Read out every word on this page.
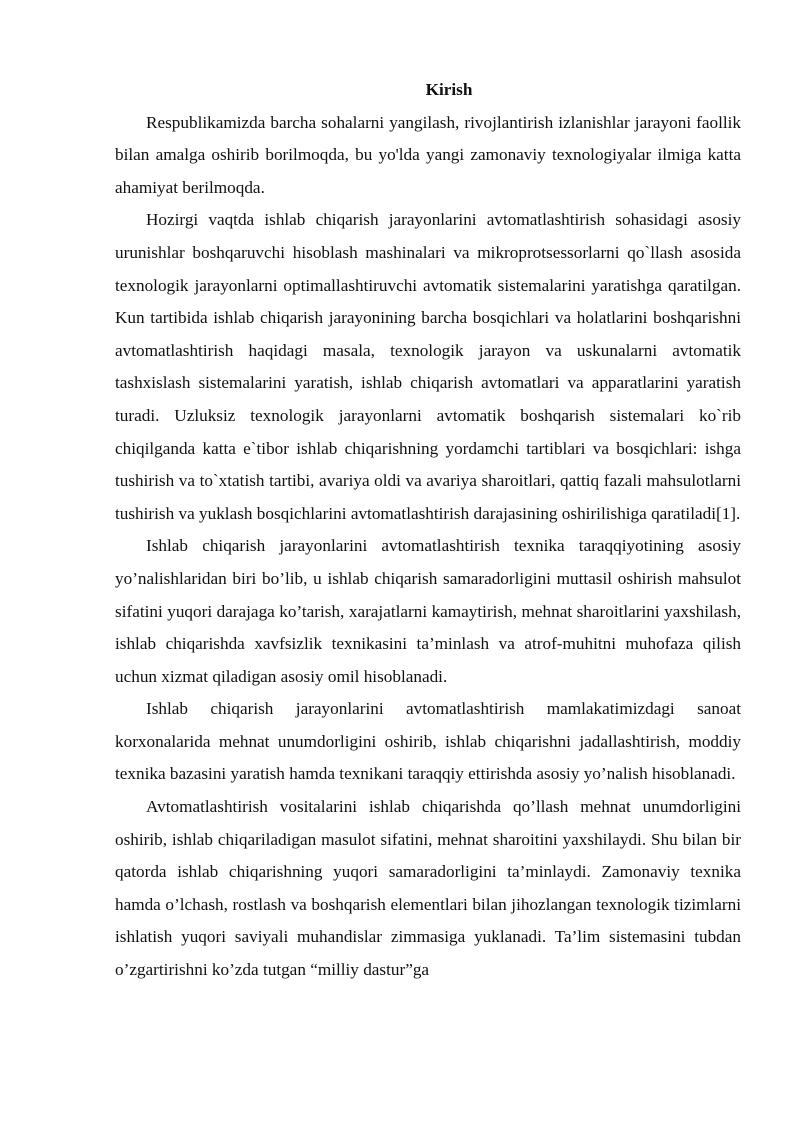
Kirish

Respublikamizda barcha sohalarni yangilash, rivojlantirish izlanishlar jarayoni faollik bilan amalga oshirib borilmoqda, bu yo'lda yangi zamonaviy texnologiyalar ilmiga katta ahamiyat berilmoqda.

Hozirgi vaqtda ishlab chiqarish jarayonlarini avtomatlashtirish sohasidagi asosiy urunishlar boshqaruvchi hisoblash mashinalari va mikroprotsessorlarni qo`llash asosida texnologik jarayonlarni optimallashtiruvchi avtomatik sistemalarini yaratishga qaratilgan. Kun tartibida ishlab chiqarish jarayonining barcha bosqichlari va holatlarini boshqarishni avtomatlashtirish haqidagi masala, texnologik jarayon va uskunalarni avtomatik tashxislash sistemalarini yaratish, ishlab chiqarish avtomatlari va apparatlarini yaratish turadi. Uzluksiz texnologik jarayonlarni avtomatik boshqarish sistemalari ko`rib chiqilganda katta e`tibor ishlab chiqarishning yordamchi tartiblari va bosqichlari: ishga tushirish va to`xtatish tartibi, avariya oldi va avariya sharoitlari, qattiq fazali mahsulotlarni tushirish va yuklash bosqichlarini avtomatlashtirish darajasining oshirilishiga qaratiladi[1].

Ishlab chiqarish jarayonlarini avtomatlashtirish texnika taraqqiyotining asosiy yo’nalishlaridan biri bo’lib, u ishlab chiqarish samaradorligini muttasil oshirish mahsulot sifatini yuqori darajaga ko’tarish, xarajatlarni kamaytirish, mehnat sharoitlarini yaxshilash, ishlab chiqarishda xavfsizlik texnikasini ta’minlash va atrof-muhitni muhofaza qilish uchun xizmat qiladigan asosiy omil hisoblanadi.

Ishlab chiqarish jarayonlarini avtomatlashtirish mamlakatimizdagi sanoat korxonalarida mehnat unumdorligini oshirib, ishlab chiqarishni jadallashtirish, moddiy texnika bazasini yaratish hamda texnikani taraqqiy ettirishda asosiy yo’nalish hisoblanadi.

Avtomatlashtirish vositalarini ishlab chiqarishda qo’llash mehnat unumdorligini oshirib, ishlab chiqariladigan masulot sifatini, mehnat sharoitini yaxshilaydi. Shu bilan bir qatorda ishlab chiqarishning yuqori samaradorligini ta’minlaydi. Zamonaviy texnika hamda o’lchash, rostlash va boshqarish elementlari bilan jihozlangan texnologik tizimlarni ishlatish yuqori saviyali muhandislar zimmasiga yuklanadi. Ta’lim sistemasini tubdan o’zgartirishni ko’zda tutgan “milliy dastur”ga
